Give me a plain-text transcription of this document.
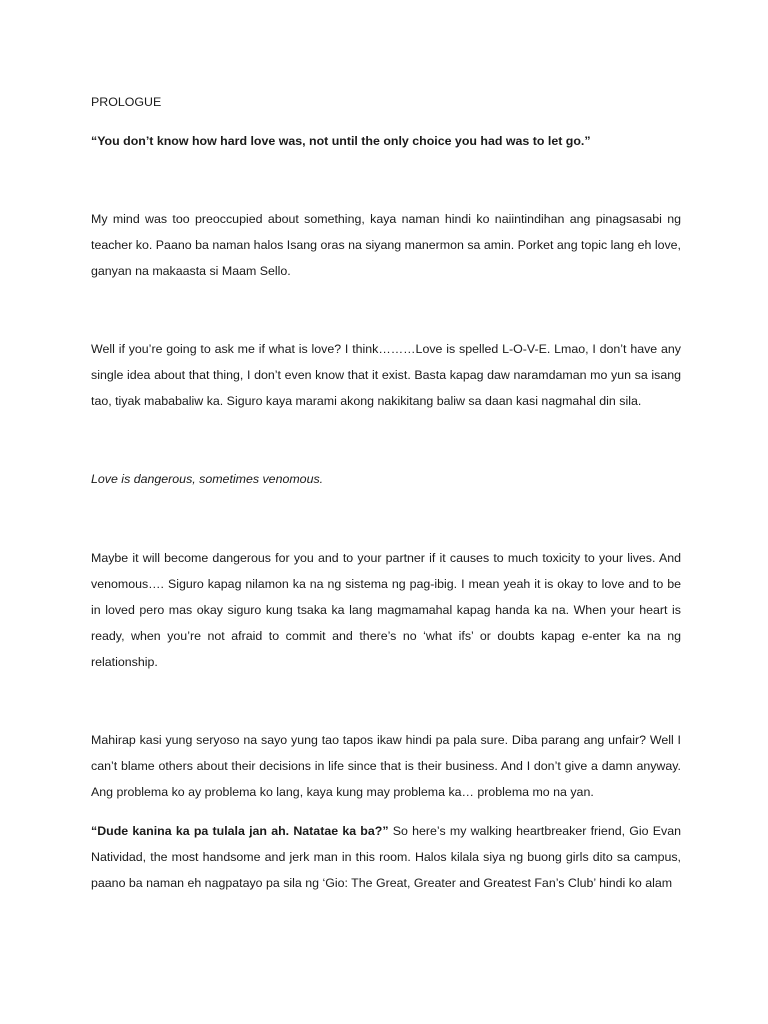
PROLOGUE

“You don’t know how hard love was, not until the only choice you had was to let go.”

My mind was too preoccupied about something, kaya naman hindi ko naiintindihan ang pinagsasabi ng teacher ko. Paano ba naman halos Isang oras na siyang manermon sa amin. Porket ang topic lang eh love, ganyan na makaasta si Maam Sello.

Well if you’re going to ask me if what is love? I think………Love is spelled L-O-V-E. Lmao, I don’t have any single idea about that thing, I don’t even know that it exist. Basta kapag daw naramdaman mo yun sa isang tao, tiyak mababaliw ka. Siguro kaya marami akong nakikitang baliw sa daan kasi nagmahal din sila.

Love is dangerous, sometimes venomous.

Maybe it will become dangerous for you and to your partner if it causes to much toxicity to your lives. And venomous…. Siguro kapag nilamon ka na ng sistema ng pag-ibig. I mean yeah it is okay to love and to be in loved pero mas okay siguro kung tsaka ka lang magmamahal kapag handa ka na. When your heart is ready, when you’re not afraid to commit and there’s no ‘what ifs’ or doubts kapag e-enter ka na ng relationship.

Mahirap kasi yung seryoso na sayo yung tao tapos ikaw hindi pa pala sure. Diba parang ang unfair? Well I can’t blame others about their decisions in life since that is their business. And I don’t give a damn anyway. Ang problema ko ay problema ko lang, kaya kung may problema ka… problema mo na yan.

“Dude kanina ka pa tulala jan ah. Natatae ka ba?” So here’s my walking heartbreaker friend, Gio Evan Natividad, the most handsome and jerk man in this room. Halos kilala siya ng buong girls dito sa campus, paano ba naman eh nagpatayo pa sila ng ‘Gio: The Great, Greater and Greatest Fan’s Club’ hindi ko alam
